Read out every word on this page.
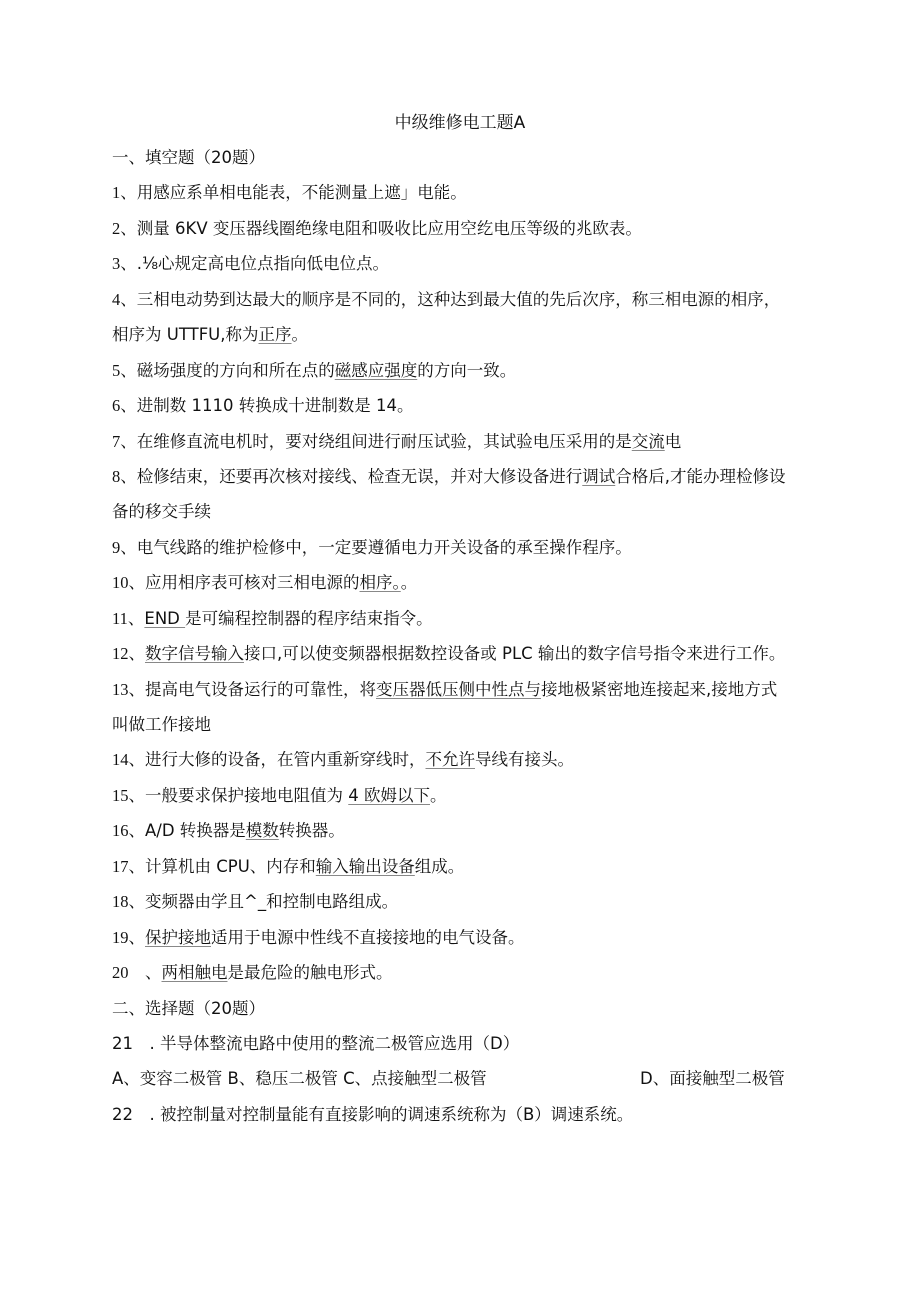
中级维修电工题A
一、填空题（20题）
1、用感应系单相电能表，不能测量上遮」电能。
2、测量 6KV 变压器线圈绝缘电阻和吸收比应用空纥电压等级的兆欧表。
3、.⅛心规定高电位点指向低电位点。
4、三相电动势到达最大的顺序是不同的，这种达到最大值的先后次序，称三相电源的相序，
相序为 UTTFU,称为正序。
5、磁场强度的方向和所在点的磁感应强度的方向一致。
6、进制数 1110 转换成十进制数是 14。
7、在维修直流电机时，要对绕组间进行耐压试验，其试验电压采用的是交流电
8、检修结束，还要再次核对接线、检查无误，并对大修设备进行调试合格后,才能办理检修设
备的移交手续
9、电气线路的维护检修中，一定要遵循电力开关设备的承至操作程序。
10、应用相序表可核对三相电源的相序。。
11、END 是可编程控制器的程序结束指令。
12、数字信号输入接口,可以使变频器根据数控设备或 PLC 输出的数字信号指令来进行工作。
13、提高电气设备运行的可靠性，将变压器低压侧中性点与接地极紧密地连接起来,接地方式
叫做工作接地
14、进行大修的设备，在管内重新穿线时，不允许导线有接头。
15、一般要求保护接地电阻值为 4 欧姆以下。
16、A/D 转换器是模数转换器。
17、计算机由 CPU、内存和输入输出设备组成。
18、变频器由学且^_和控制电路组成。
19、保护接地适用于电源中性线不直接接地的电气设备。
20　、两相触电是最危险的触电形式。
二、选择题（20题）
21　. 半导体整流电路中使用的整流二极管应选用（D）
A、变容二极管 B、稳压二极管 C、点接触型二极管	D、面接触型二极管
22　. 被控制量对控制量能有直接影响的调速系统称为（B）调速系统。
